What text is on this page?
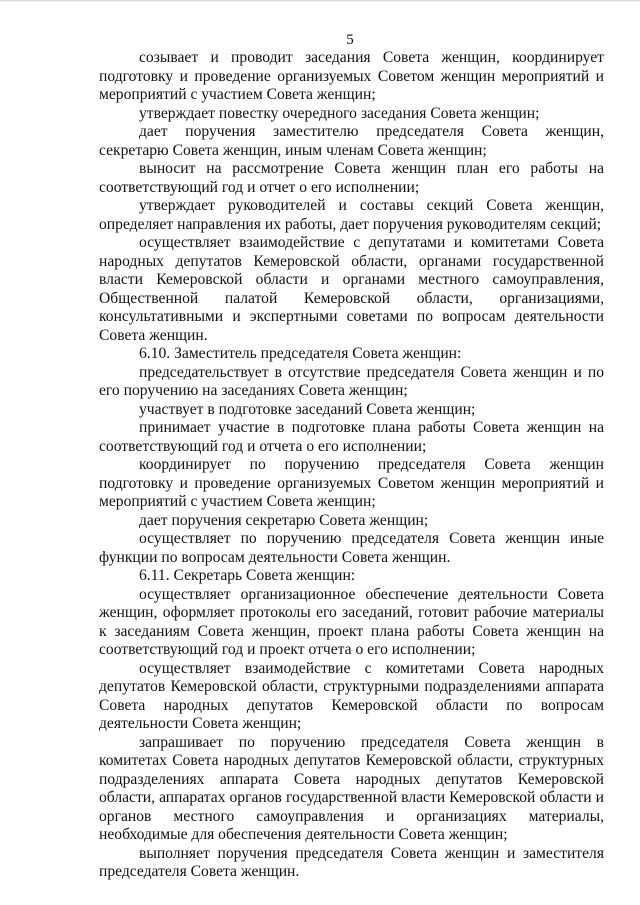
5

созывает и проводит заседания Совета женщин, координирует подготовку и проведение организуемых Советом женщин мероприятий и мероприятий с участием Совета женщин;

утверждает повестку очередного заседания Совета женщин;

дает поручения заместителю председателя Совета женщин, секретарю Совета женщин, иным членам Совета женщин;

выносит на рассмотрение Совета женщин план его работы на соответствующий год и отчет о его исполнении;

утверждает руководителей и составы секций Совета женщин, определяет направления их работы, дает поручения руководителям секций;

осуществляет взаимодействие с депутатами и комитетами Совета народных депутатов Кемеровской области, органами государственной власти Кемеровской области и органами местного самоуправления, Общественной палатой Кемеровской области, организациями, консультативными и экспертными советами по вопросам деятельности Совета женщин.

6.10. Заместитель председателя Совета женщин:

председательствует в отсутствие председателя Совета женщин и по его поручению на заседаниях Совета женщин;

участвует в подготовке заседаний Совета женщин;

принимает участие в подготовке плана работы Совета женщин на соответствующий год и отчета о его исполнении;

координирует по поручению председателя Совета женщин подготовку и проведение организуемых Советом женщин мероприятий и мероприятий с участием Совета женщин;

дает поручения секретарю Совета женщин;

осуществляет по поручению председателя Совета женщин иные функции по вопросам деятельности Совета женщин.

6.11. Секретарь Совета женщин:

осуществляет организационное обеспечение деятельности Совета женщин, оформляет протоколы его заседаний, готовит рабочие материалы к заседаниям Совета женщин, проект плана работы Совета женщин на соответствующий год и проект отчета о его исполнении;

осуществляет взаимодействие с комитетами Совета народных депутатов Кемеровской области, структурными подразделениями аппарата Совета народных депутатов Кемеровской области по вопросам деятельности Совета женщин;

запрашивает по поручению председателя Совета женщин в комитетах Совета народных депутатов Кемеровской области, структурных подразделениях аппарата Совета народных депутатов Кемеровской области, аппаратах органов государственной власти Кемеровской области и органов местного самоуправления и организациях материалы, необходимые для обеспечения деятельности Совета женщин;

выполняет поручения председателя Совета женщин и заместителя председателя Совета женщин.
